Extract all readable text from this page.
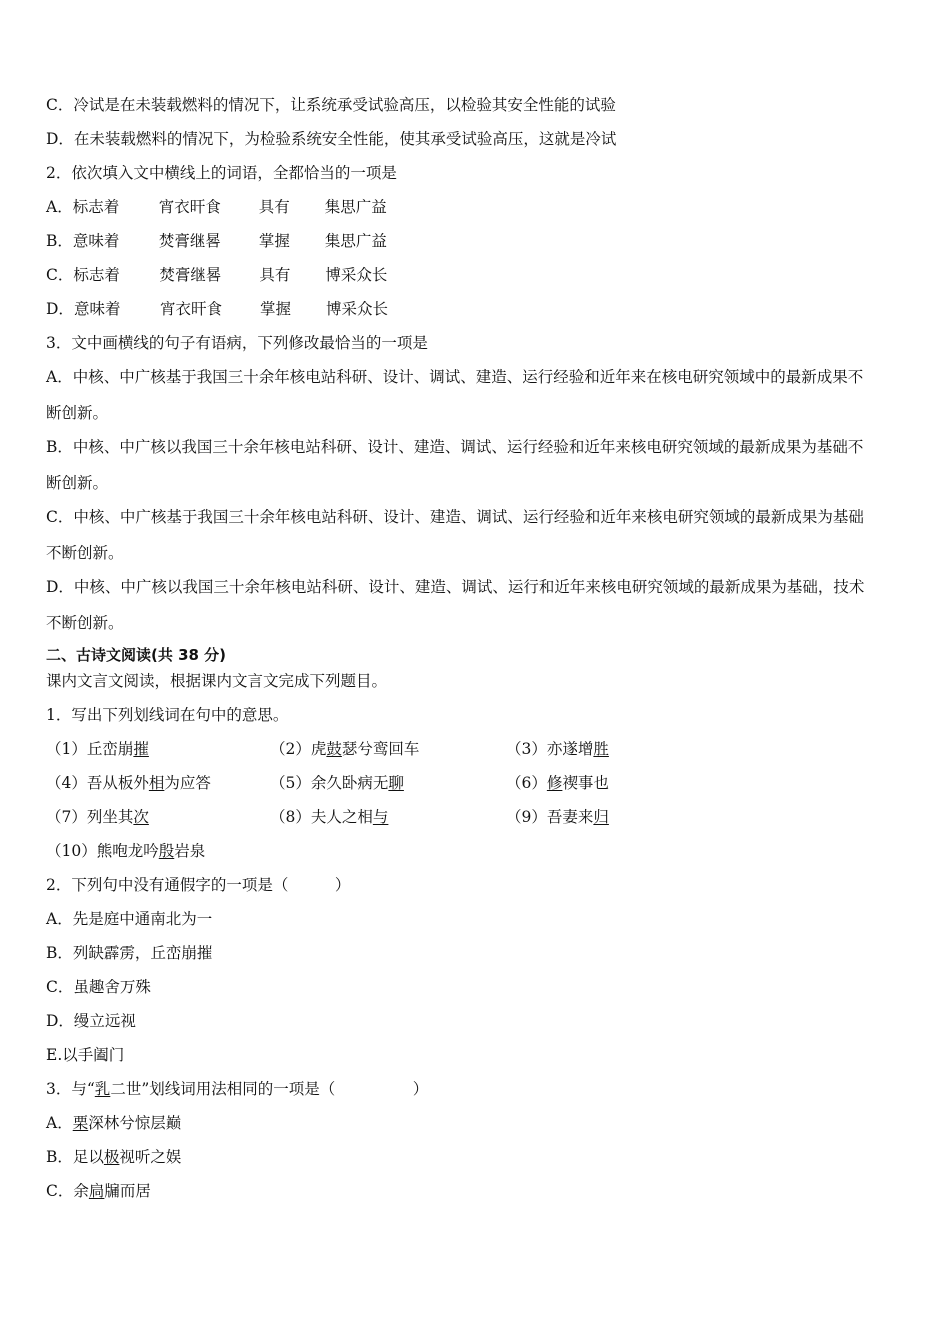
C．冷试是在未装载燃料的情况下，让系统承受试验高压，以检验其安全性能的试验
D．在未装载燃料的情况下，为检验系统安全性能，使其承受试验高压，这就是冷试
2．依次填入文中横线上的词语，全都恰当的一项是
A．标志着	宵衣旰食 具有 集思广益
B．意味着	焚膏继晷 掌握 集思广益
C．标志着	焚膏继晷 具有 博采众长
D．意味着	宵衣旰食 掌握 博采众长
3．文中画横线的句子有语病，下列修改最恰当的一项是
A．中核、中广核基于我国三十余年核电站科研、设计、调试、建造、运行经验和近年来在核电研究领域中的最新成果不
断创新。
B．中核、中广核以我国三十余年核电站科研、设计、建造、调试、运行经验和近年来核电研究领域的最新成果为基础不
断创新。
C．中核、中广核基于我国三十余年核电站科研、设计、建造、调试、运行经验和近年来核电研究领域的最新成果为基础
不断创新。
D．中核、中广核以我国三十余年核电站科研、设计、建造、调试、运行和近年来核电研究领域的最新成果为基础，技术
不断创新。
二、古诗文阅读(共 38 分)
课内文言文阅读，根据课内文言文完成下列题目。
1．写出下列划线词在句中的意思。
（1）丘峦崩摧	（2）虎鼓瑟兮鸾回车	（3）亦遂增胜
（4）吾从板外相为应答	（5）余久卧病无聊	（6）修禊事也
（7）列坐其次	（8）夫人之相与	（9）吾妻来归
（10）熊咆龙吟殷岩泉
2．下列句中没有通假字的一项是（　　　）
A．先是庭中通南北为一
B．列缺霹雳，丘峦崩摧
C．虽趣舍万殊
D．缦立远视
E.以手阖门
3．与“乳二世”划线词用法相同的一项是（　　　　　）
A．栗深林兮惊层巅
B．足以极视听之娱
C．余扃牖而居
